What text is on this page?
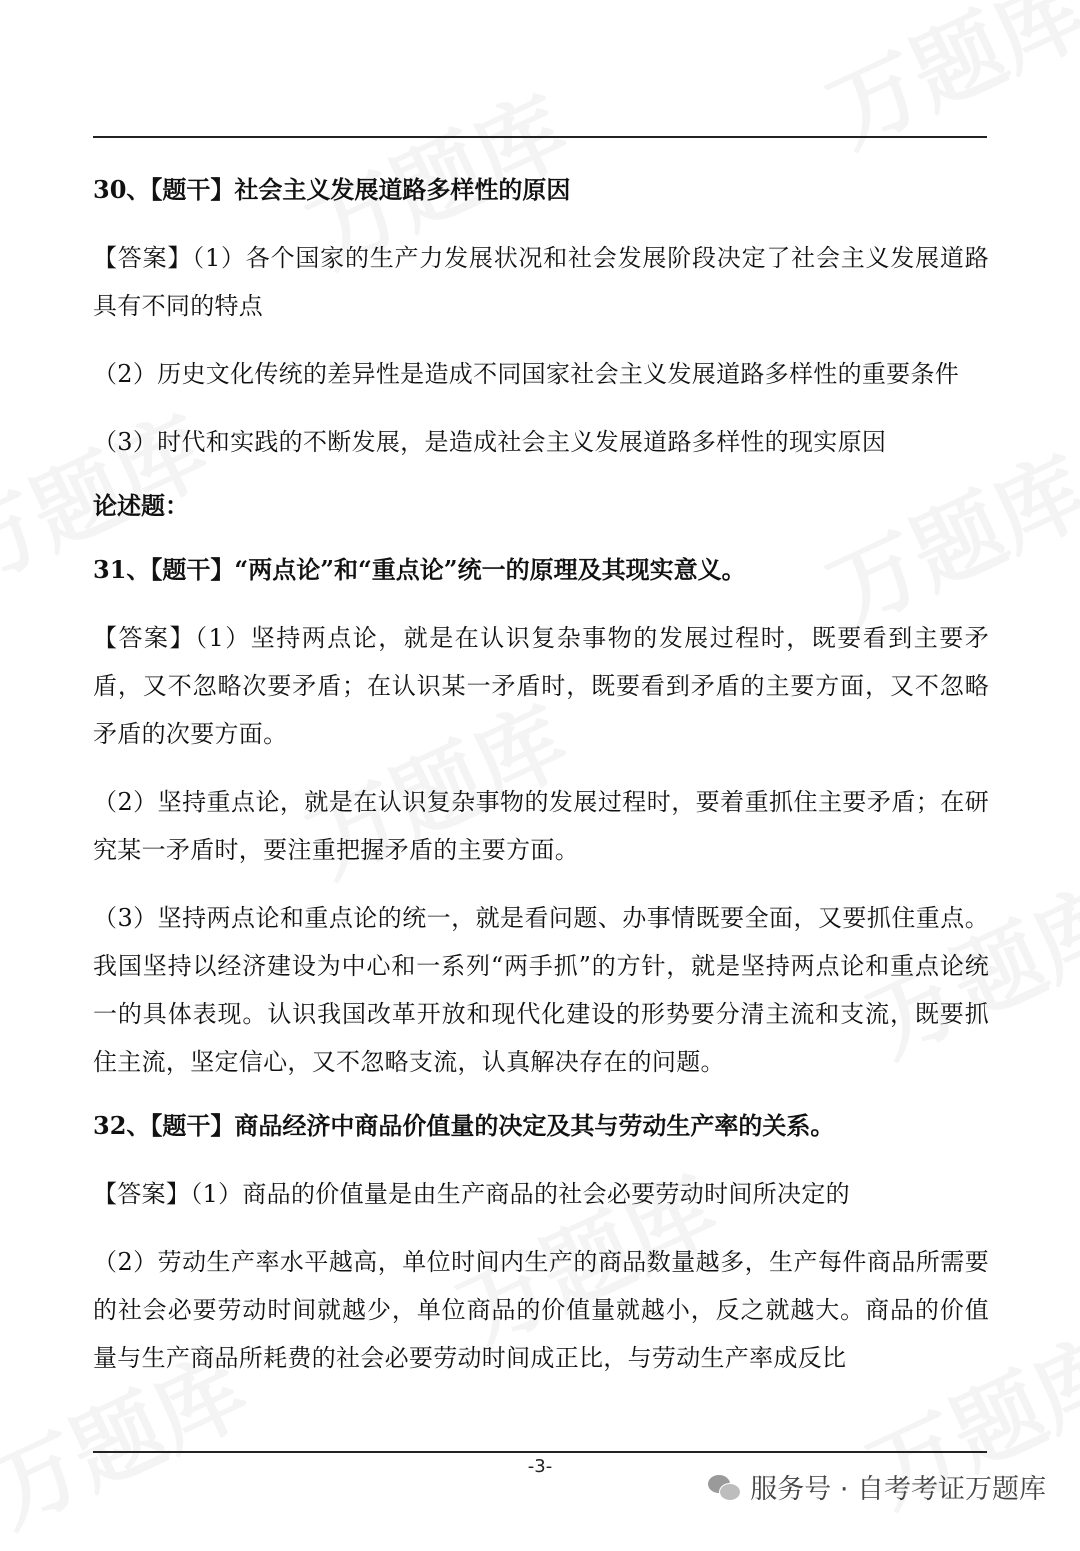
30、【题干】社会主义发展道路多样性的原因

【答案】（1）各个国家的生产力发展状况和社会发展阶段决定了社会主义发展道路具有不同的特点

（2）历史文化传统的差异性是造成不同国家社会主义发展道路多样性的重要条件

（3）时代和实践的不断发展，是造成社会主义发展道路多样性的现实原因

论述题：
31、【题干】“两点论”和“重点论”统一的原理及其现实意义。

【答案】（1）坚持两点论，就是在认识复杂事物的发展过程时，既要看到主要矛盾，又不忽略次要矛盾；在认识某一矛盾时，既要看到矛盾的主要方面，又不忽略矛盾的次要方面。

（2）坚持重点论，就是在认识复杂事物的发展过程时，要着重抓住主要矛盾；在研究某一矛盾时，要注重把握矛盾的主要方面。

（3）坚持两点论和重点论的统一，就是看问题、办事情既要全面，又要抓住重点。我国坚持以经济建设为中心和一系列“两手抓”的方针，就是坚持两点论和重点论统一的具体表现。认识我国改革开放和现代化建设的形势要分清主流和支流，既要抓住主流，坚定信心，又不忽略支流，认真解决存在的问题。

32、【题干】商品经济中商品价值量的决定及其与劳动生产率的关系。

【答案】（1）商品的价值量是由生产商品的社会必要劳动时间所决定的

（2）劳动生产率水平越高，单位时间内生产的商品数量越多，生产每件商品所需要的社会必要劳动时间就越少，单位商品的价值量就越小，反之就越大。商品的价值量与生产商品所耗费的社会必要劳动时间成正比，与劳动生产率成反比

-3-
服务号 · 自考考证万题库
